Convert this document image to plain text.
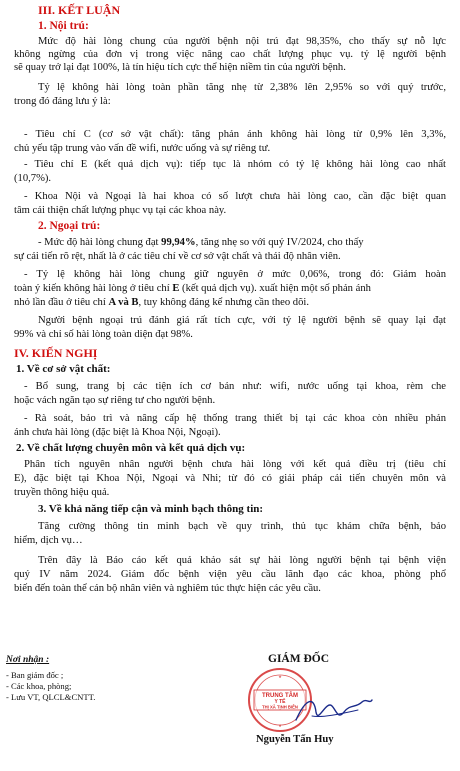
III. KẾT LUẬN
1. Nội trú:
Mức độ hài lòng chung của người bệnh nội trú đạt 98,35%, cho thấy sự nỗ lực
không ngừng của đơn vị trong việc nâng cao chất lượng phục vụ. tỷ lệ người bệnh
sẽ quay trở lại đạt 100%, là tín hiệu tích cực thể hiện niềm tin của người bệnh.
Tỷ lệ không hài lòng toàn phần tăng nhẹ từ 2,38% lên 2,95% so với quý trước,
trong đó đáng lưu ý là:
- Tiêu chí C (cơ sở vật chất): tăng phản ánh không hài lòng từ 0,9% lên 3,3%,
chủ yếu tập trung vào vấn đề wifi, nước uống và sự riêng tư.
- Tiêu chí E (kết quả dịch vụ): tiếp tục là nhóm có tỷ lệ không hài lòng cao nhất
(10,7%).
- Khoa Nội và Ngoại là hai khoa có số lượt chưa hài lòng cao, cần đặc biệt quan
tâm cải thiện chất lượng phục vụ tại các khoa này.
2. Ngoại trú:
- Mức độ hài lòng chung đạt 99,94%, tăng nhẹ so với quý IV/2024, cho thấy
sự cải tiến rõ rệt, nhất là ở các tiêu chí về cơ sở vật chất và thái độ nhân viên.
- Tỷ lệ không hài lòng chung giữ nguyên ở mức 0,06%, trong đó: Giảm hoàn
toàn ý kiến không hài lòng ở tiêu chí E (kết quả dịch vụ). xuất hiện một số phản ánh
nhỏ lần đầu ở tiêu chí A và B, tuy không đáng kể nhưng cần theo dõi.
Người bệnh ngoại trú đánh giá rất tích cực, với tỷ lệ người bệnh sẽ quay lại đạt
99% và chỉ số hài lòng toàn diện đạt 98%.
IV. KIẾN NGHỊ
1. Về cơ sở vật chất:
- Bổ sung, trang bị các tiện ích cơ bản như: wifi, nước uống tại khoa, rèm che
hoặc vách ngăn tạo sự riêng tư cho người bệnh.
- Rà soát, bảo trì và nâng cấp hệ thống trang thiết bị tại các khoa còn nhiều phản
ánh chưa hài lòng (đặc biệt là Khoa Nội, Ngoại).
2. Về chất lượng chuyên môn và kết quả dịch vụ:
Phân tích nguyên nhân người bệnh chưa hài lòng với kết quả điều trị (tiêu chí
E), đặc biệt tại Khoa Nội, Ngoại và Nhi; từ đó có giải pháp cải tiến chuyên môn và
truyền thông hiệu quả.
3. Về khả năng tiếp cận và minh bạch thông tin:
Tăng cường thông tin minh bạch về quy trình, thủ tục khám chữa bệnh, bảo
hiểm, dịch vụ…
Trên đây là Báo cáo kết quả khảo sát sự hài lòng người bệnh tại bệnh viện
quý IV năm 2024. Giám đốc bệnh viện yêu cầu lãnh đạo các khoa, phòng phổ
biến đến toàn thể cán bộ nhân viên và nghiêm túc thực hiện các yêu cầu.
Nơi nhận :
- Ban giám đốc ;
- Các khoa, phòng;
- Lưu VT, QLCL&CNTT.
GIÁM ĐỐC
TRUNG TÂM
Y TẾ
THỊ XÃ TỊNH BIÊN
★
★
Nguyễn Tấn Huy
